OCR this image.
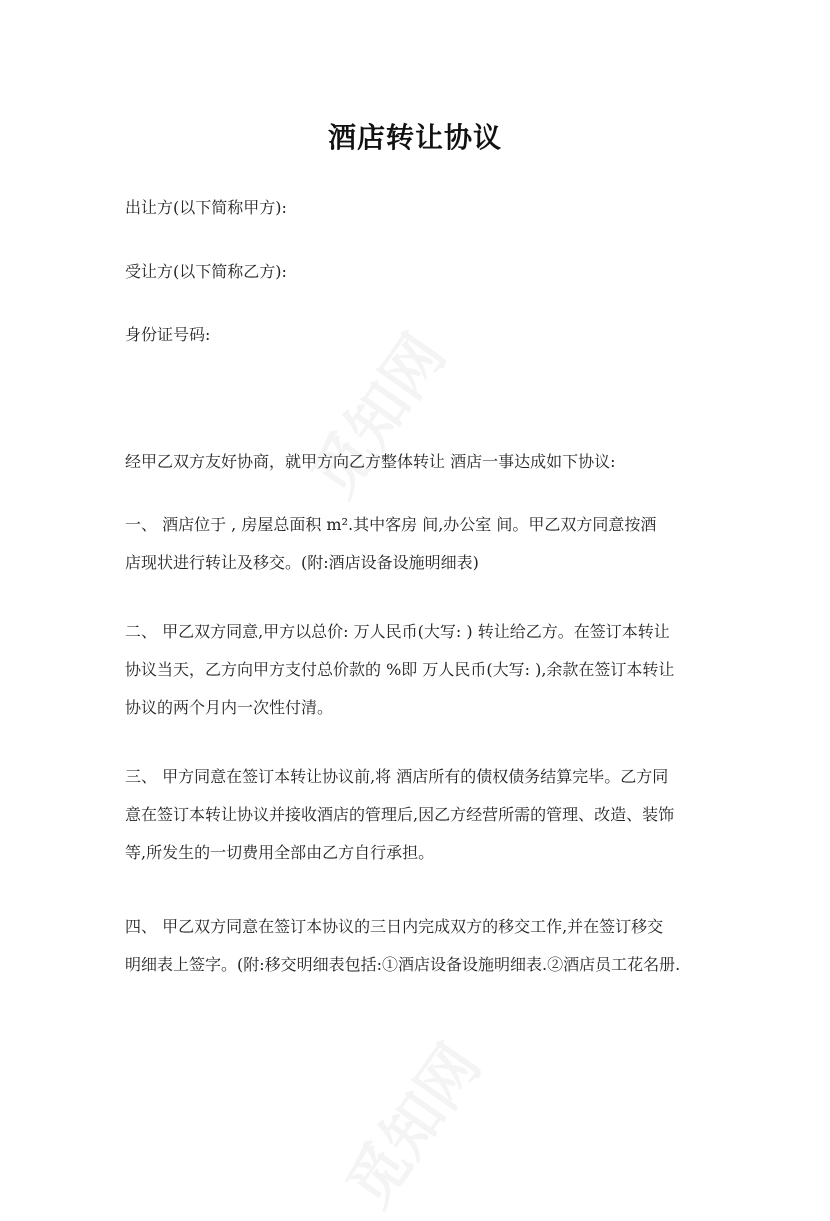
酒店转让协议
出让方(以下简称甲方):
受让方(以下简称乙方):
身份证号码:
经甲乙双方友好协商，就甲方向乙方整体转让 酒店一事达成如下协议:
一、 酒店位于 , 房屋总面积 m².其中客房 间,办公室 间。甲乙双方同意按酒
店现状进行转让及移交。(附:酒店设备设施明细表)
二、 甲乙双方同意,甲方以总价: 万人民币(大写: ) 转让给乙方。在签订本转让
协议当天，乙方向甲方支付总价款的 %即 万人民币(大写: ),余款在签订本转让
协议的两个月内一次性付清。
三、 甲方同意在签订本转让协议前,将 酒店所有的债权债务结算完毕。乙方同
意在签订本转让协议并接收酒店的管理后,因乙方经营所需的管理、改造、装饰
等,所发生的一切费用全部由乙方自行承担。
四、 甲乙双方同意在签订本协议的三日内完成双方的移交工作,并在签订移交
明细表上签字。(附:移交明细表包括:①酒店设备设施明细表.②酒店员工花名册.
